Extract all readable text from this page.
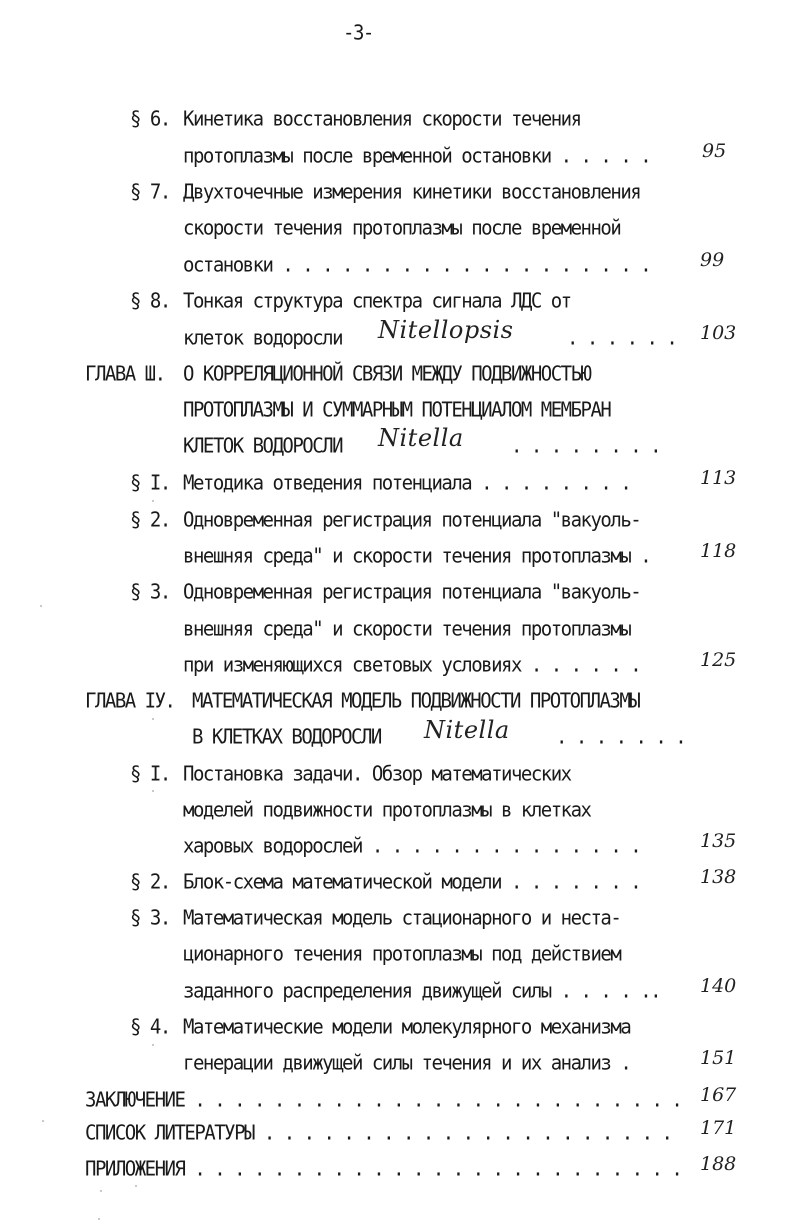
-3-
§ 6. Кинетика восстановления скорости течения
протоплазмы после временной остановки . . . . .	95
§ 7. Двухточечные измерения кинетики восстановления
скорости течения протоплазмы после временной
остановки . . . . . . . . . . . . . . . . . . .	99
§ 8. Тонкая структура спектра сигнала ЛДС от
клеток водоросли Nitellopsis	. . . . . . 103
ГЛАВА Ш. О КОРРЕЛЯЦИОННОЙ СВЯЗИ МЕЖДУ ПОДВИЖНОСТЬЮ
ПРОТОПЛАЗМЫ И СУММАРНЫМ ПОТЕНЦИАЛОМ МЕМБРАН
КЛЕТОК ВОДОРОСЛИ Nitella . . . . . . . .
§ I. Методика отведения потенциала . . . . . . . .	113
§ 2. Одновременная регистрация потенциала "вакуоль-
внешняя среда" и скорости течения протоплазмы .	118
§ 3. Одновременная регистрация потенциала "вакуоль-
внешняя среда" и скорости течения протоплазмы
при изменяющихся световых условиях . . . . . .	125
ГЛАВА IУ. МАТЕМАТИЧЕСКАЯ МОДЕЛЬ ПОДВИЖНОСТИ ПРОТОПЛАЗМЫ
В КЛЕТКАХ ВОДОРОСЛИ Nitella . . . . . . .
§ I. Постановка задачи. Обзор математических
моделей подвижности протоплазмы в клетках
харовых водорослей . . . . . . . . . . . . . .	135
§ 2. Блок-схема математической модели . . . . . . .	138
§ 3. Математическая модель стационарного и неста-
ционарного течения протоплазмы под действием
заданного распределения движущей силы . . . . .. 140
§ 4. Математические модели молекулярного механизма
генерации движущей силы течения и их анализ .	151
ЗАКЛЮЧЕНИЕ . . . . . . . . . . . . . . . . . . . . . . . . . 167
СПИСОК ЛИТЕРАТУРЫ . . . . . . . . . . . . . . . . . . . . . 171
ПРИЛОЖЕНИЯ . . . . . . . . . . . . . . . . . . . . . . . . . 188
